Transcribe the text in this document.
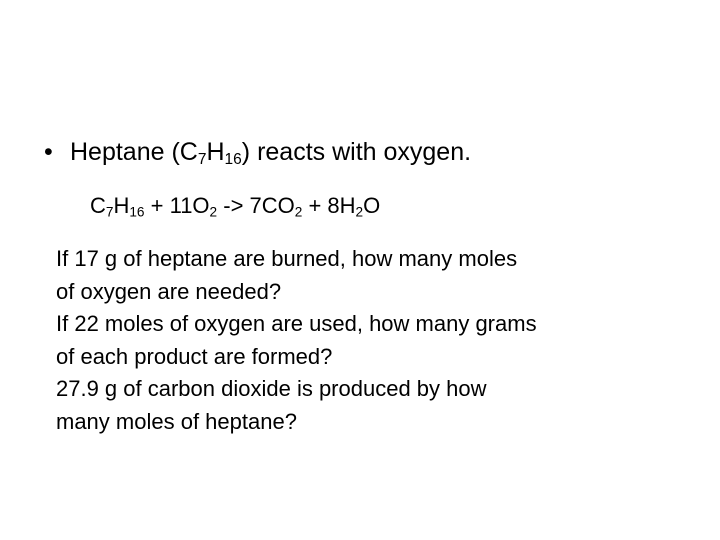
• Heptane $(C_7H_{16})$ reacts with oxygen.
$C_7H_{16} + 11O_2 -> 7CO_2 + 8H_2O$
If 17 g of heptane are burned, how many moles
of oxygen are needed?
If 22 moles of oxygen are used, how many grams
of each product are formed?
27.9 g of carbon dioxide is produced by how
many moles of heptane?
